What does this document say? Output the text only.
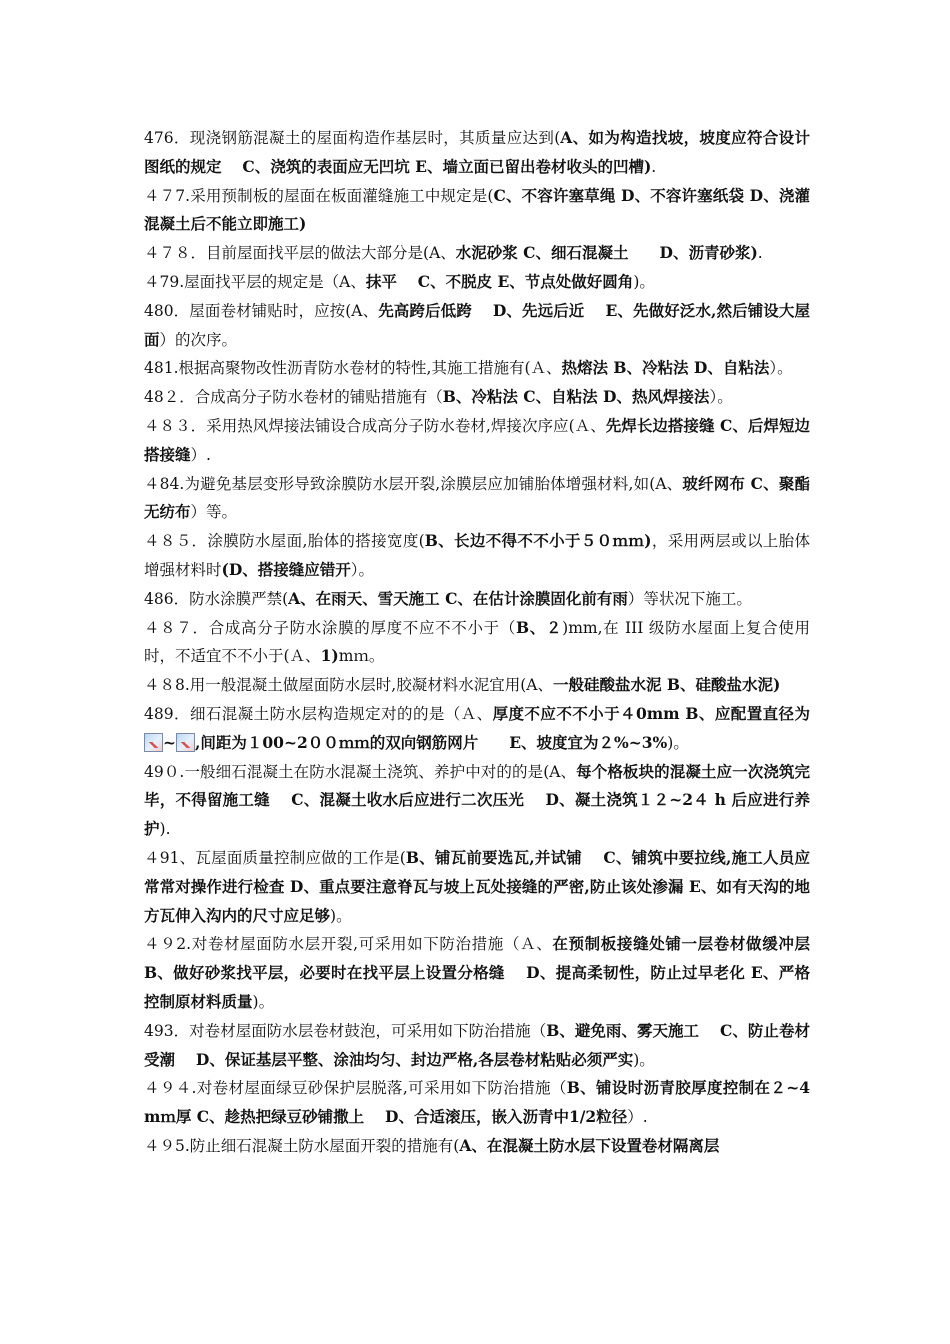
476．现浇钢筋混凝土的屋面构造作基层时，其质量应达到(A、如为构造找坡，坡度应符合设计图纸的规定　 C、浇筑的表面应无凹坑 E、墙立面已留出卷材收头的凹槽).

４７7.采用预制板的屋面在板面灌缝施工中规定是(C、不容许塞草绳 D、不容许塞纸袋 D、浇灌混凝土后不能立即施工)

４７８．目前屋面找平层的做法大部分是(A、水泥砂浆 C、细石混凝土　　D、沥青砂浆).

４79.屋面找平层的规定是（A、抹平　 C、不脱皮 E、节点处做好圆角)。

480．屋面卷材铺贴时，应按(A、先高跨后低跨　 D、先远后近　 E、先做好泛水,然后铺设大屋面）的次序。

481.根据高聚物改性沥青防水卷材的特性,其施工措施有(Ａ、热熔法 B、冷粘法 D、自粘法）。

48２．合成高分子防水卷材的铺贴措施有（B、冷粘法 C、自粘法 D、热风焊接法）。

４８３．采用热风焊接法铺设合成高分子防水卷材,焊接次序应(Ａ、先焊长边搭接缝 C、后焊短边搭接缝）.

４84.为避免基层变形导致涂膜防水层开裂,涂膜层应加铺胎体增强材料,如(A、玻纤网布 C、聚酯无纺布）等。

４８５．涂膜防水屋面,胎体的搭接宽度(B、长边不得不不小于５０ｍｍ)，采用两层或以上胎体增强材料时(D、搭接缝应错开）。

486．防水涂膜严禁(A、在雨天、雪天施工 C、在估计涂膜固化前有雨）等状况下施工。

４８７．合成高分子防水涂膜的厚度不应不不小于（B、２)mm,在 III 级防水屋面上复合使用时，不适宜不不小于(Ａ、1)mｍ。

４８8.用一般混凝土做屋面防水层时,胶凝材料水泥宜用(A、一般硅酸盐水泥 B、硅酸盐水泥)

489．细石混凝土防水层构造规定对的的是（Ａ、厚度不应不不小于４0mm B、应配置直径为~ ,间距为１00~2００ｍｍ的双向钢筋网片　　E、坡度宜为２%~3%)。

49０.一般细石混凝土在防水混凝土浇筑、养护中对的的是(A、每个格板块的混凝土应一次浇筑完毕，不得留施工缝　 C、混凝土收水后应进行二次压光　 D、凝土浇筑１２~2４ h 后应进行养护).

４91、瓦屋面质量控制应做的工作是(B、铺瓦前要选瓦,并试铺　 C、铺筑中要拉线,施工人员应常常对操作进行检查 D、重点要注意脊瓦与坡上瓦处接缝的严密,防止该处渗漏 E、如有天沟的地方瓦伸入沟内的尺寸应足够)。

４９2.对卷材屋面防水层开裂,可采用如下防治措施（Ａ、在预制板接缝处铺一层卷材做缓冲层　B、做好砂浆找平层，必要时在找平层上设置分格缝　 D、提高柔韧性，防止过早老化 E、严格控制原材料质量)。

493．对卷材屋面防水层卷材鼓泡，可采用如下防治措施（B、避免雨、雾天施工　 C、防止卷材受潮　 D、保证基层平整、涂油均匀、封边严格,各层卷材粘贴必须严实)。

４９４.对卷材屋面绿豆砂保护层脱落,可采用如下防治措施（B、铺设时沥青胶厚度控制在２~4mｍ厚 C、趁热把绿豆砂铺撒上　 D、合适滚压，嵌入沥青中1/2粒径）.

４９5.防止细石混凝土防水屋面开裂的措施有(A、在混凝土防水层下设置卷材隔离层
